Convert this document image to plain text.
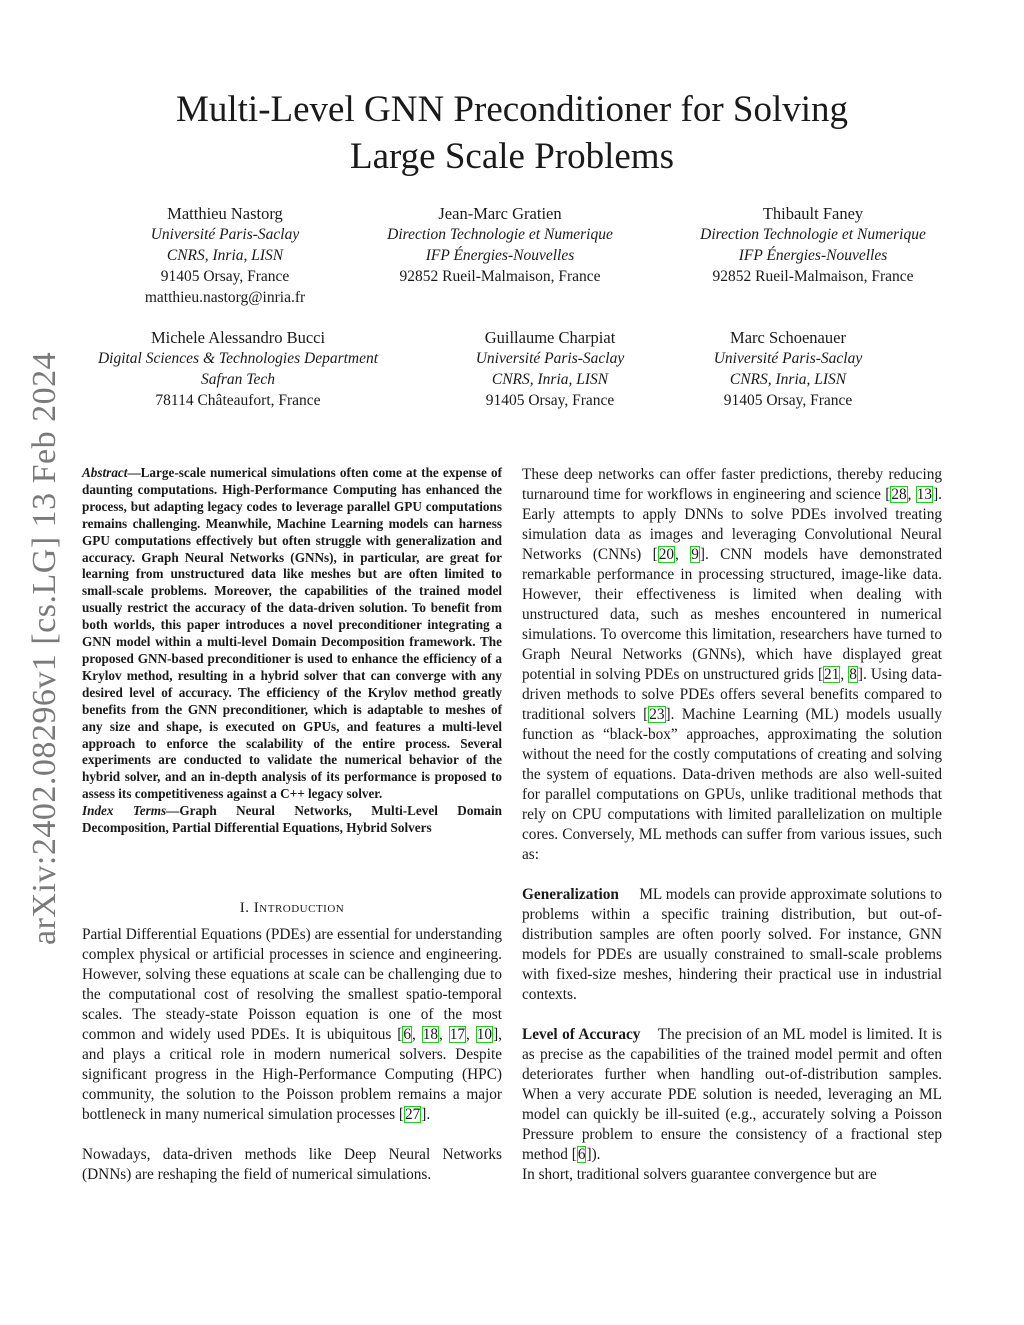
Multi-Level GNN Preconditioner for Solving
Large Scale Problems
Matthieu Nastorg
Université Paris-Saclay
CNRS, Inria, LISN
91405 Orsay, France
matthieu.nastorg@inria.fr
Jean-Marc Gratien
Direction Technologie et Numerique
IFP Énergies-Nouvelles
92852 Rueil-Malmaison, France
Thibault Faney
Direction Technologie et Numerique
IFP Énergies-Nouvelles
92852 Rueil-Malmaison, France
Michele Alessandro Bucci
Digital Sciences & Technologies Department
Safran Tech
78114 Châteaufort, France
Guillaume Charpiat
Université Paris-Saclay
CNRS, Inria, LISN
91405 Orsay, France
Marc Schoenauer
Université Paris-Saclay
CNRS, Inria, LISN
91405 Orsay, France
arXiv:2402.08296v1 [cs.LG] 13 Feb 2024	Abstract—Large-scale numerical simulations often come at the expense of daunting computations. High-Performance Computing has enhanced the process, but adapting legacy codes to leverage parallel GPU computations remains challenging. Meanwhile, Machine Learning models can harness GPU computations effectively but often struggle with generalization and accuracy. Graph Neural Networks (GNNs), in particular, are great for learning from unstructured data like meshes but are often limited to small-scale problems. Moreover, the capabilities of the trained model usually restrict the accuracy of the data-driven solution. To benefit from both worlds, this paper introduces a novel preconditioner integrating a GNN model within a multi-level Domain Decomposition framework. The proposed GNN-based preconditioner is used to enhance the efficiency of a Krylov method, resulting in a hybrid solver that can converge with any desired level of accuracy. The efficiency of the Krylov method greatly benefits from the GNN preconditioner, which is adaptable to meshes of any size and shape, is executed on GPUs, and features a multi-level approach to enforce the scalability of the entire process. Several experiments are conducted to validate the numerical behavior of the hybrid solver, and an in-depth analysis of its performance is proposed to assess its competitiveness against a C++ legacy solver.

Index Terms—Graph Neural Networks, Multi-Level Domain Decomposition, Partial Differential Equations, Hybrid Solvers

I. Introduction

Partial Differential Equations (PDEs) are essential for understanding complex physical or artificial processes in science and engineering. However, solving these equations at scale can be challenging due to the computational cost of resolving the smallest spatio-temporal scales. The steady-state Poisson equation is one of the most common and widely used PDEs. It is ubiquitous [6, 18, 17, 10], and plays a critical role in modern numerical solvers. Despite significant progress in the High-Performance Computing (HPC) community, the solution to the Poisson problem remains a major bottleneck in many numerical simulation processes [27].

Nowadays, data-driven methods like Deep Neural Networks (DNNs) are reshaping the field of numerical simulations.

These deep networks can offer faster predictions, thereby reducing turnaround time for workflows in engineering and science [28, 13]. Early attempts to apply DNNs to solve PDEs involved treating simulation data as images and leveraging Convolutional Neural Networks (CNNs) [20, 9]. CNN models have demonstrated remarkable performance in processing structured, image-like data. However, their effectiveness is limited when dealing with unstructured data, such as meshes encountered in numerical simulations. To overcome this limitation, researchers have turned to Graph Neural Networks (GNNs), which have displayed great potential in solving PDEs on unstructured grids [21, 8]. Using data-driven methods to solve PDEs offers several benefits compared to traditional solvers [23]. Machine Learning (ML) models usually function as “black-box” approaches, approximating the solution without the need for the costly computations of creating and solving the system of equations. Data-driven methods are also well-suited for parallel computations on GPUs, unlike traditional methods that rely on CPU computations with limited parallelization on multiple cores. Conversely, ML methods can suffer from various issues, such as:

Generalization ML models can provide approximate solutions to problems within a specific training distribution, but out-of-distribution samples are often poorly solved. For instance, GNN models for PDEs are usually constrained to small-scale problems with fixed-size meshes, hindering their practical use in industrial contexts.

Level of Accuracy The precision of an ML model is limited. It is as precise as the capabilities of the trained model permit and often deteriorates further when handling out-of-distribution samples. When a very accurate PDE solution is needed, leveraging an ML model can quickly be ill-suited (e.g., accurately solving a Poisson Pressure problem to ensure the consistency of a fractional step method [6]).

In short, traditional solvers guarantee convergence but are
